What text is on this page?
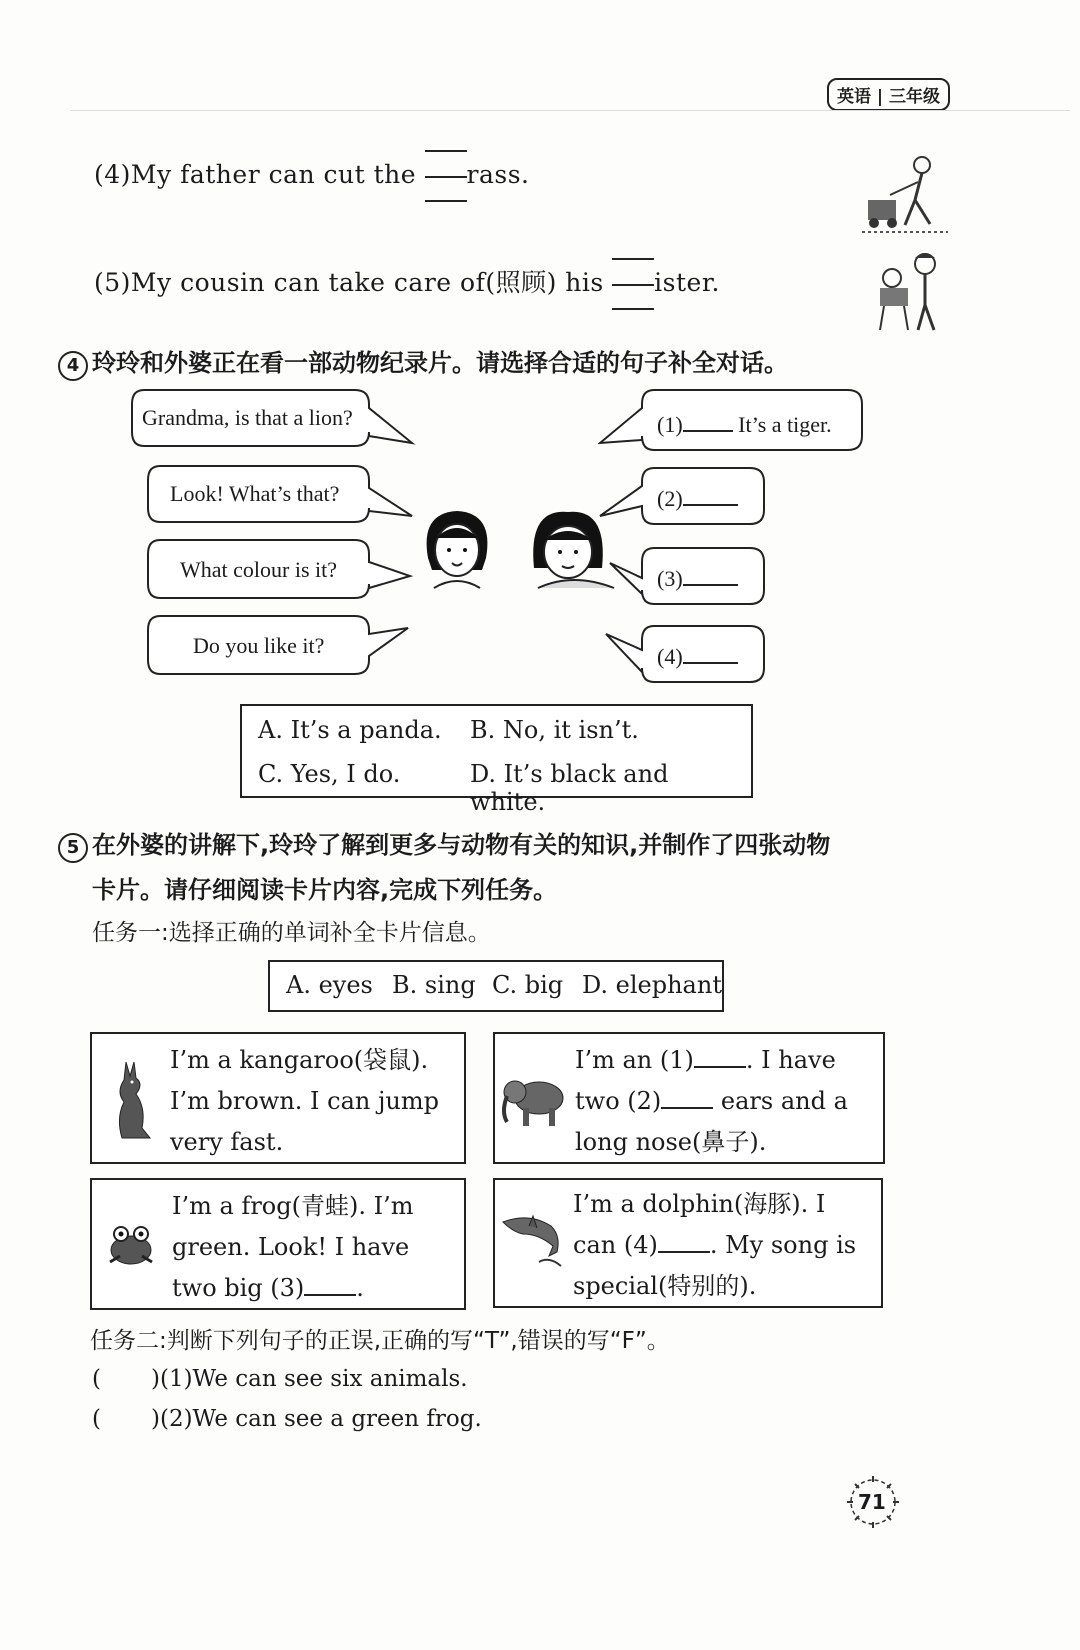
英语 | 三年级
(4)My father can cut the rass.
(5)My cousin can take care of(照顾) his ister.
4 玲玲和外婆正在看一部动物纪录片。请选择合适的句子补全对话。
Grandma, is that a lion?
Look! What’s that?
What colour is it?
Do you like it?
(1)	It’s a tiger.
(2)
(3)
(4)
A. It’s a panda. B. No, it isn’t.
C. Yes, I do.	D. It’s black and white.
5 在外婆的讲解下,玲玲了解到更多与动物有关的知识,并制作了四张动物
卡片。请仔细阅读卡片内容,完成下列任务。
任务一:选择正确的单词补全卡片信息。
A. eyes B. sing C. big D. elephant
I’m a kangaroo(袋鼠).
I’m brown. I can jump
very fast.
I’m an (1) . I have
two (2) ears and a
long nose(鼻子).
I’m a frog(青蛙). I’m
green. Look! I have
two big (3) .
I’m a dolphin(海豚). I
can (4) . My song is
special(特别的).
任务二:判断下列句子的正误,正确的写“T”,错误的写“F”。
( )(1)We can see six animals.
( )(2)We can see a green frog.
71
